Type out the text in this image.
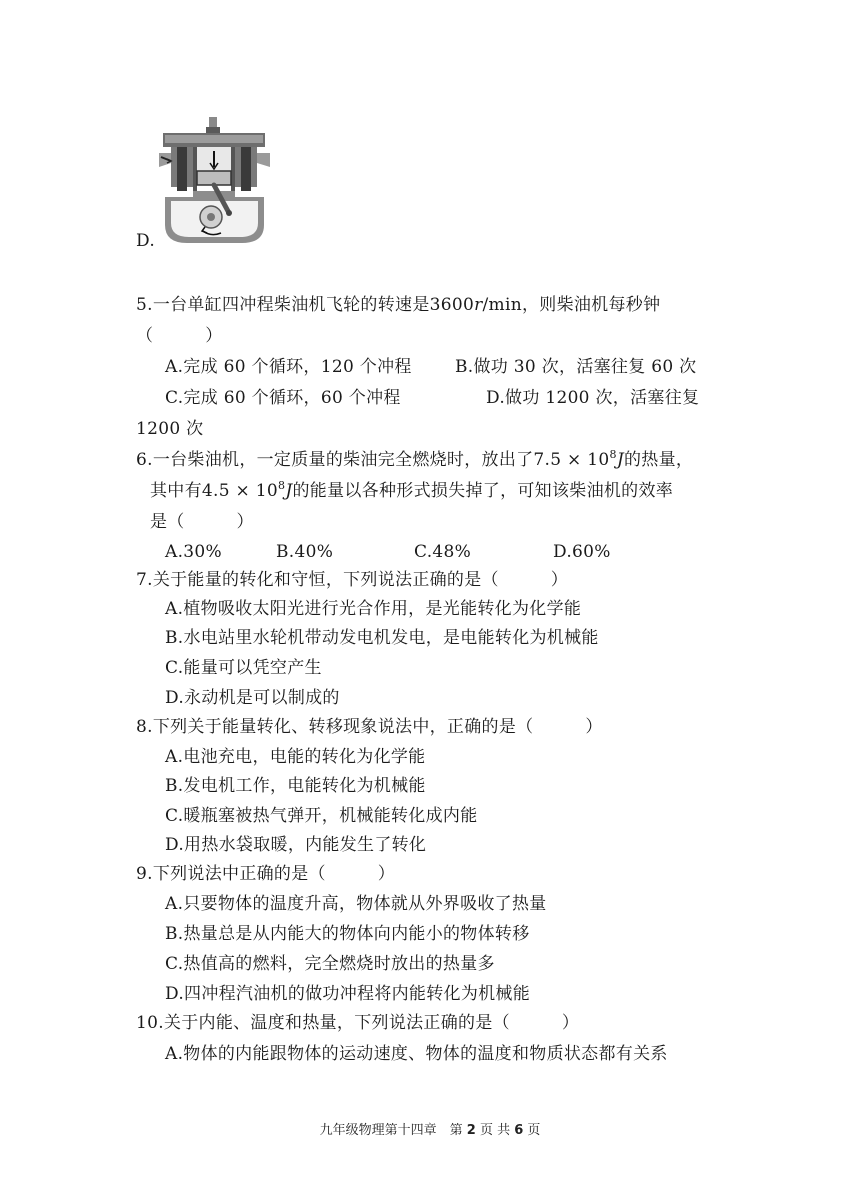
D.
5.一台单缸四冲程柴油机飞轮的转速是3600r/min，则柴油机每秒钟
（　　　）
A.完成 60 个循环，120 个冲程	B.做功 30 次，活塞往复 60 次
C.完成 60 个循环，60 个冲程	D.做功 1200 次，活塞往复
1200 次
6.一台柴油机，一定质量的柴油完全燃烧时，放出了$7.5 \times 10^8J$的热量，
其中有$4.5 \times 10^8J$的能量以各种形式损失掉了，可知该柴油机的效率
是（　　　）
A.30%	B.40%	C.48%	D.60%
7.关于能量的转化和守恒，下列说法正确的是（　　　）
A.植物吸收太阳光进行光合作用，是光能转化为化学能
B.水电站里水轮机带动发电机发电，是电能转化为机械能
C.能量可以凭空产生
D.永动机是可以制成的
8.下列关于能量转化、转移现象说法中，正确的是（　　　）
A.电池充电，电能的转化为化学能
B.发电机工作，电能转化为机械能
C.暖瓶塞被热气弹开，机械能转化成内能
D.用热水袋取暖，内能发生了转化
9.下列说法中正确的是（　　　）
A.只要物体的温度升高，物体就从外界吸收了热量
B.热量总是从内能大的物体向内能小的物体转移
C.热值高的燃料，完全燃烧时放出的热量多
D.四冲程汽油机的做功冲程将内能转化为机械能
10.关于内能、温度和热量，下列说法正确的是（　　　）
A.物体的内能跟物体的运动速度、物体的温度和物质状态都有关系
九年级物理第十四章　 第 2 页 共 6 页
